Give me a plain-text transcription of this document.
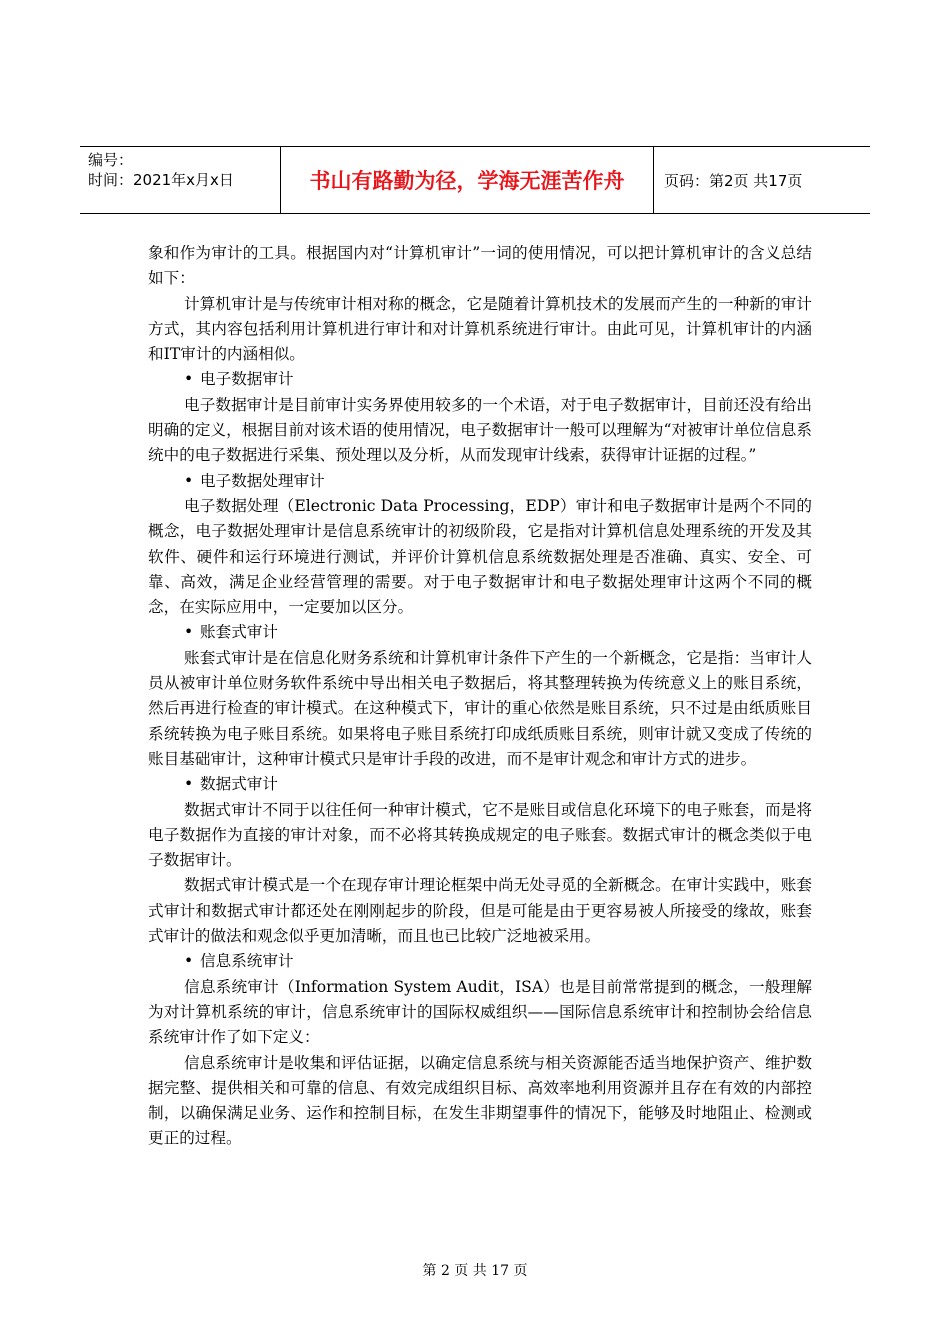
编号：
时间：2021年x月x日	书山有路勤为径，学海无涯苦作舟	页码：第2页 共17页

象和作为审计的工具。根据国内对“计算机审计”一词的使用情况，可以把计算机审计的含义总结如下：

计算机审计是与传统审计相对称的概念，它是随着计算机技术的发展而产生的一种新的审计方式，其内容包括利用计算机进行审计和对计算机系统进行审计。由此可见，计算机审计的内涵和IT审计的内涵相似。

• 电子数据审计

电子数据审计是目前审计实务界使用较多的一个术语，对于电子数据审计，目前还没有给出明确的定义，根据目前对该术语的使用情况，电子数据审计一般可以理解为“对被审计单位信息系统中的电子数据进行采集、预处理以及分析，从而发现审计线索，获得审计证据的过程。”

• 电子数据处理审计

电子数据处理（Electronic Data Processing，EDP）审计和电子数据审计是两个不同的概念，电子数据处理审计是信息系统审计的初级阶段，它是指对计算机信息处理系统的开发及其软件、硬件和运行环境进行测试，并评价计算机信息系统数据处理是否准确、真实、安全、可靠、高效，满足企业经营管理的需要。对于电子数据审计和电子数据处理审计这两个不同的概念，在实际应用中，一定要加以区分。

• 账套式审计

账套式审计是在信息化财务系统和计算机审计条件下产生的一个新概念，它是指：当审计人员从被审计单位财务软件系统中导出相关电子数据后，将其整理转换为传统意义上的账目系统，然后再进行检查的审计模式。在这种模式下，审计的重心依然是账目系统，只不过是由纸质账目系统转换为电子账目系统。如果将电子账目系统打印成纸质账目系统，则审计就又变成了传统的账目基础审计，这种审计模式只是审计手段的改进，而不是审计观念和审计方式的进步。

• 数据式审计

数据式审计不同于以往任何一种审计模式，它不是账目或信息化环境下的电子账套，而是将电子数据作为直接的审计对象，而不必将其转换成规定的电子账套。数据式审计的概念类似于电子数据审计。

数据式审计模式是一个在现存审计理论框架中尚无处寻觅的全新概念。在审计实践中，账套式审计和数据式审计都还处在刚刚起步的阶段，但是可能是由于更容易被人所接受的缘故，账套式审计的做法和观念似乎更加清晰，而且也已比较广泛地被采用。

• 信息系统审计

信息系统审计（Information System Audit，ISA）也是目前常常提到的概念，一般理解为对计算机系统的审计，信息系统审计的国际权威组织——国际信息系统审计和控制协会给信息系统审计作了如下定义：

信息系统审计是收集和评估证据，以确定信息系统与相关资源能否适当地保护资产、维护数据完整、提供相关和可靠的信息、有效完成组织目标、高效率地利用资源并且存在有效的内部控制，以确保满足业务、运作和控制目标，在发生非期望事件的情况下，能够及时地阻止、检测或更正的过程。

第 2 页 共 17 页
